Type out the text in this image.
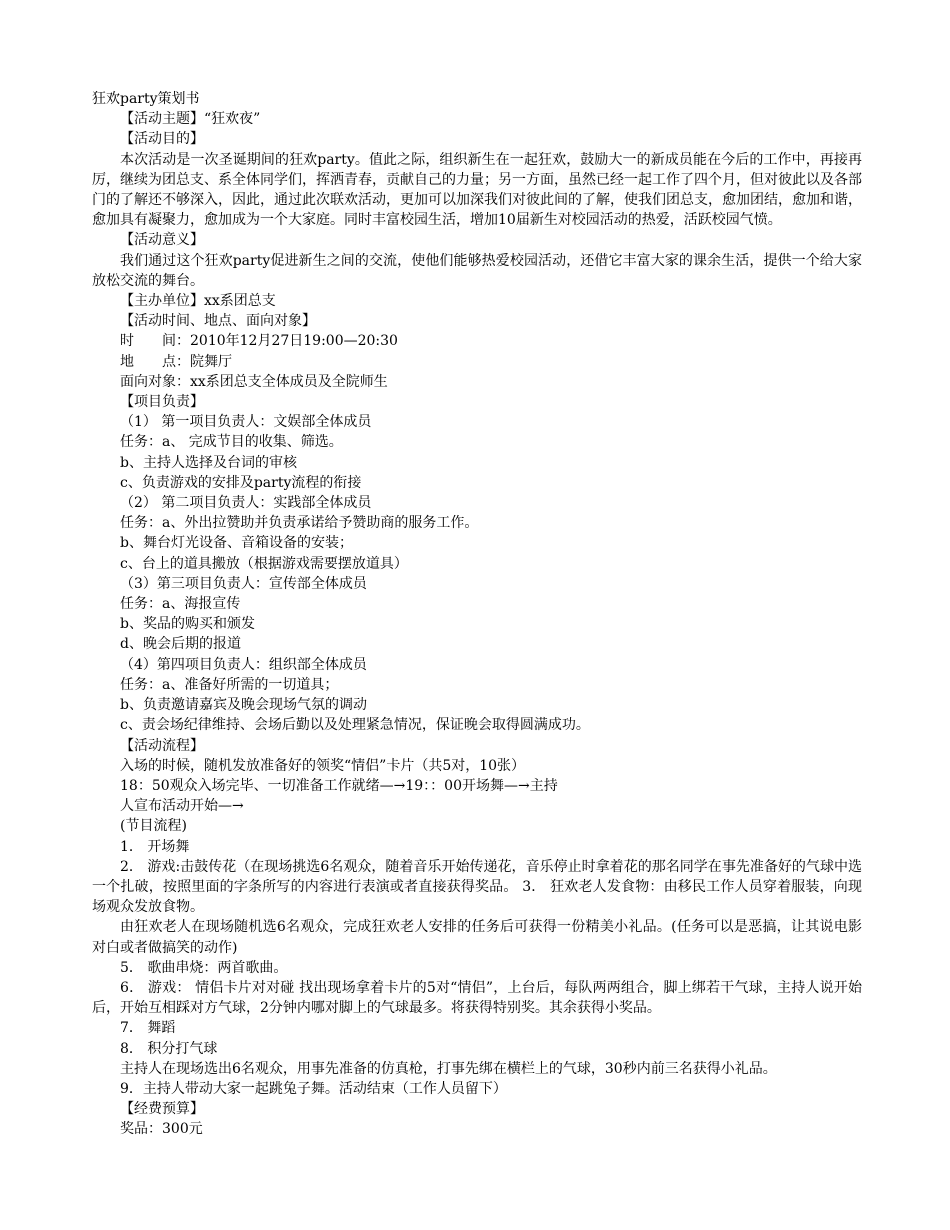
狂欢party策划书
【活动主题】“狂欢夜”
【活动目的】
本次活动是一次圣诞期间的狂欢party。值此之际，组织新生在一起狂欢，鼓励大一的新成员能在今后的工作中，再接再厉，继续为团总支、系全体同学们，挥洒青春，贡献自己的力量；另一方面，虽然已经一起工作了四个月，但对彼此以及各部门的了解还不够深入，因此，通过此次联欢活动，更加可以加深我们对彼此间的了解，使我们团总支，愈加团结，愈加和谐，愈加具有凝聚力，愈加成为一个大家庭。同时丰富校园生活，增加10届新生对校园活动的热爱，活跃校园气愤。
【活动意义】
我们通过这个狂欢party促进新生之间的交流，使他们能够热爱校园活动，还借它丰富大家的课余生活，提供一个给大家放松交流的舞台。
【主办单位】xx系团总支
【活动时间、地点、面向对象】
时　　间：2010年12月27日19:00—20:30
地　　点：院舞厅
面向对象：xx系团总支全体成员及全院师生
【项目负责】
（1） 第一项目负责人：文娱部全体成员
任务：a、 完成节目的收集、筛选。
b、主持人选择及台词的审核
c、负责游戏的安排及party流程的衔接
（2） 第二项目负责人：实践部全体成员
任务：a、外出拉赞助并负责承诺给予赞助商的服务工作。
b、舞台灯光设备、音箱设备的安装；
c、台上的道具搬放（根据游戏需要摆放道具）
（3）第三项目负责人：宣传部全体成员
任务：a、海报宣传
b、奖品的购买和颁发
d、晚会后期的报道
（4）第四项目负责人：组织部全体成员
任务：a、准备好所需的一切道具；
b、负责邀请嘉宾及晚会现场气氛的调动
c、责会场纪律维持、会场后勤以及处理紧急情况，保证晚会取得圆满成功。
【活动流程】
入场的时候，随机发放准备好的领奖“情侣”卡片（共5对，10张）
18：50观众入场完毕、一切准备工作就绪—→19：：00开场舞—→主持
人宣布活动开始—→
(节目流程)
1． 开场舞
2． 游戏:击鼓传花（在现场挑选6名观众，随着音乐开始传递花，音乐停止时拿着花的那名同学在事先准备好的气球中选一个扎破，按照里面的字条所写的内容进行表演或者直接获得奖品。 3． 狂欢老人发食物：由移民工作人员穿着服装，向现场观众发放食物。
由狂欢老人在现场随机选6名观众，完成狂欢老人安排的任务后可获得一份精美小礼品。(任务可以是恶搞，让其说电影对白或者做搞笑的动作)
5． 歌曲串烧：两首歌曲。
6． 游戏： 情侣卡片对对碰 找出现场拿着卡片的5对“情侣”，上台后，每队两两组合，脚上绑若干气球，主持人说开始后，开始互相踩对方气球，2分钟内哪对脚上的气球最多。将获得特别奖。其余获得小奖品。
7． 舞蹈
8． 积分打气球
主持人在现场选出6名观众，用事先准备的仿真枪，打事先绑在横栏上的气球，30秒内前三名获得小礼品。
9．主持人带动大家一起跳兔子舞。活动结束（工作人员留下）
【经费预算】
奖品：300元
